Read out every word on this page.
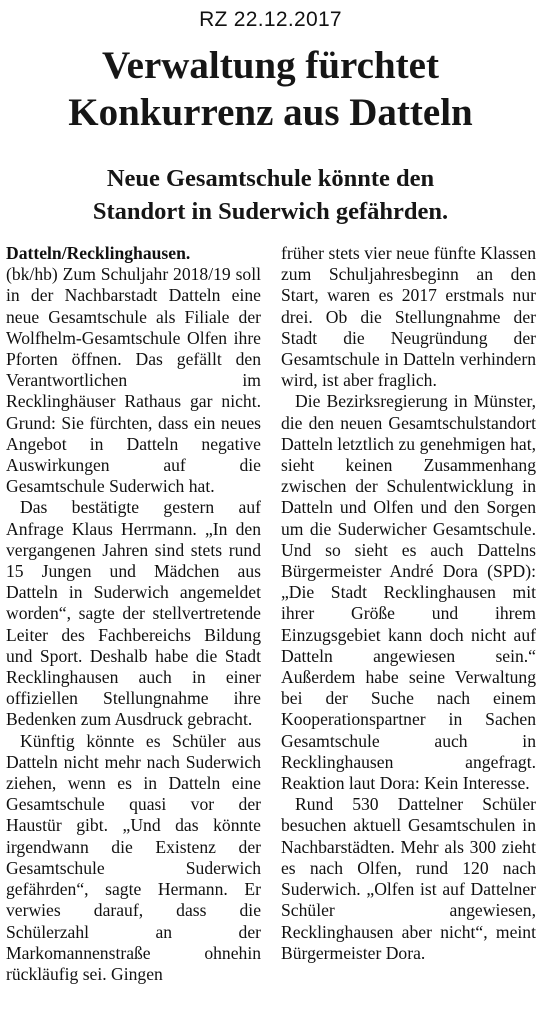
RZ 22.12.2017
Verwaltung fürchtet
Konkurrenz aus Datteln
Neue Gesamtschule könnte den
Standort in Suderwich gefährden.

Datteln/Recklinghausen.

(bk/hb) Zum Schuljahr 2018/19 soll in der Nachbarstadt Datteln eine neue Gesamtschule als Filiale der Wolfhelm-Gesamtschule Olfen ihre Pforten öffnen. Das gefällt den Verantwortlichen im Recklinghäuser Rathaus gar nicht. Grund: Sie fürchten, dass ein neues Angebot in Datteln negative Auswirkungen auf die Gesamtschule Suderwich hat.

Das bestätigte gestern auf Anfrage Klaus Herrmann. „In den vergangenen Jahren sind stets rund 15 Jungen und Mädchen aus Datteln in Suderwich angemeldet worden“, sagte der stellvertretende Leiter des Fachbereichs Bildung und Sport. Deshalb habe die Stadt Recklinghausen auch in einer offiziellen Stellungnahme ihre Bedenken zum Ausdruck gebracht.

Künftig könnte es Schüler aus Datteln nicht mehr nach Suderwich ziehen, wenn es in Datteln eine Gesamtschule quasi vor der Haustür gibt. „Und das könnte irgendwann die Existenz der Gesamtschule Suderwich gefährden“, sagte Hermann. Er verwies darauf, dass die Schülerzahl an der Markomannenstraße ohnehin rückläufig sei. Gingen

früher stets vier neue fünfte Klassen zum Schuljahresbeginn an den Start, waren es 2017 erstmals nur drei. Ob die Stellungnahme der Stadt die Neugründung der Gesamtschule in Datteln verhindern wird, ist aber fraglich.

Die Bezirksregierung in Münster, die den neuen Gesamtschulstandort Datteln letztlich zu genehmigen hat, sieht keinen Zusammenhang zwischen der Schulentwicklung in Datteln und Olfen und den Sorgen um die Suderwicher Gesamtschule. Und so sieht es auch Dattelns Bürgermeister André Dora (SPD): „Die Stadt Recklinghausen mit ihrer Größe und ihrem Einzugsgebiet kann doch nicht auf Datteln angewiesen sein.“ Außerdem habe seine Verwaltung bei der Suche nach einem Kooperationspartner in Sachen Gesamtschule auch in Recklinghausen angefragt. Reaktion laut Dora: Kein Interesse.

Rund 530 Dattelner Schüler besuchen aktuell Gesamtschulen in Nachbarstädten. Mehr als 300 zieht es nach Olfen, rund 120 nach Suderwich. „Olfen ist auf Dattelner Schüler angewiesen, Recklinghausen aber nicht“, meint Bürgermeister Dora.
